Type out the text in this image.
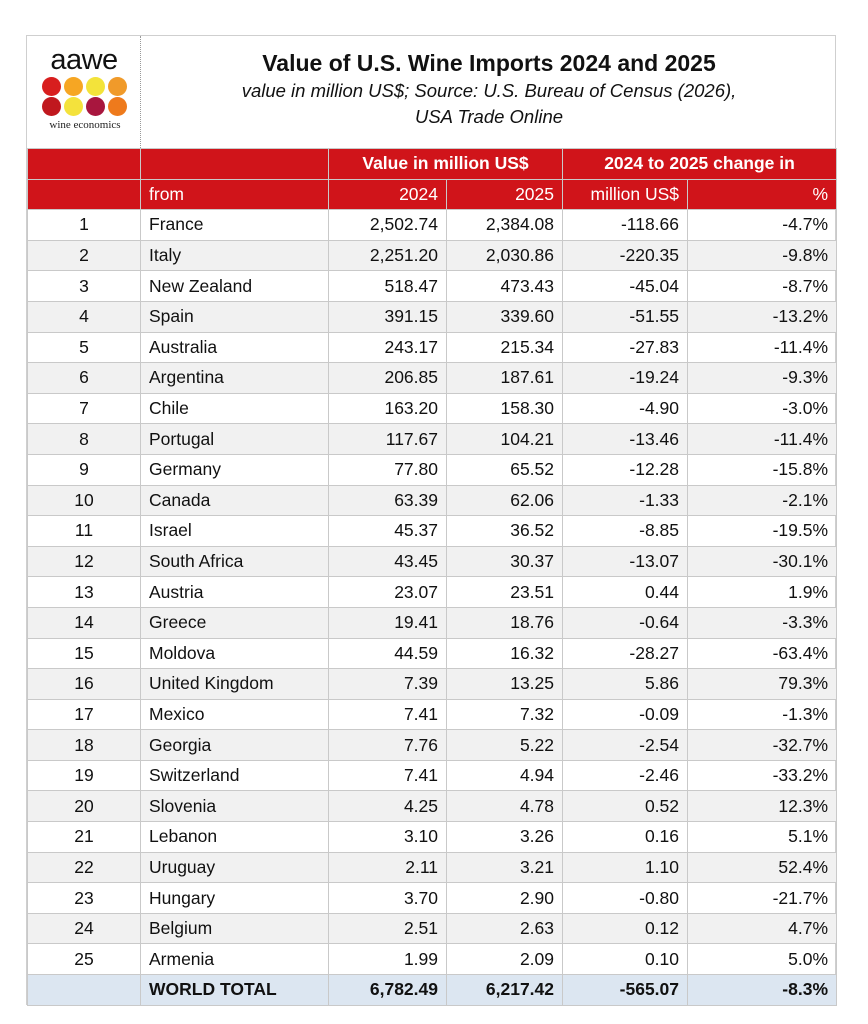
aawe
wine economics
Value of U.S. Wine Imports 2024 and 2025
value in million US$; Source: U.S. Bureau of Census (2026),
USA Trade Online
		Value in million US$		2024 to 2025 change in	
	from	2024	2025	million US$	%
1	France	2,502.74	2,384.08	-118.66	-4.7%
2	Italy	2,251.20	2,030.86	-220.35	-9.8%
3	New Zealand	518.47	473.43	-45.04	-8.7%
4	Spain	391.15	339.60	-51.55	-13.2%
5	Australia	243.17	215.34	-27.83	-11.4%
6	Argentina	206.85	187.61	-19.24	-9.3%
7	Chile	163.20	158.30	-4.90	-3.0%
8	Portugal	117.67	104.21	-13.46	-11.4%
9	Germany	77.80	65.52	-12.28	-15.8%
10	Canada	63.39	62.06	-1.33	-2.1%
11	Israel	45.37	36.52	-8.85	-19.5%
12	South Africa	43.45	30.37	-13.07	-30.1%
13	Austria	23.07	23.51	0.44	1.9%
14	Greece	19.41	18.76	-0.64	-3.3%
15	Moldova	44.59	16.32	-28.27	-63.4%
16	United Kingdom	7.39	13.25	5.86	79.3%
17	Mexico	7.41	7.32	-0.09	-1.3%
18	Georgia	7.76	5.22	-2.54	-32.7%
19	Switzerland	7.41	4.94	-2.46	-33.2%
20	Slovenia	4.25	4.78	0.52	12.3%
21	Lebanon	3.10	3.26	0.16	5.1%
22	Uruguay	2.11	3.21	1.10	52.4%
23	Hungary	3.70	2.90	-0.80	-21.7%
24	Belgium	2.51	2.63	0.12	4.7%
25	Armenia	1.99	2.09	0.10	5.0%
	WORLD TOTAL	6,782.49	6,217.42	-565.07	-8.3%
